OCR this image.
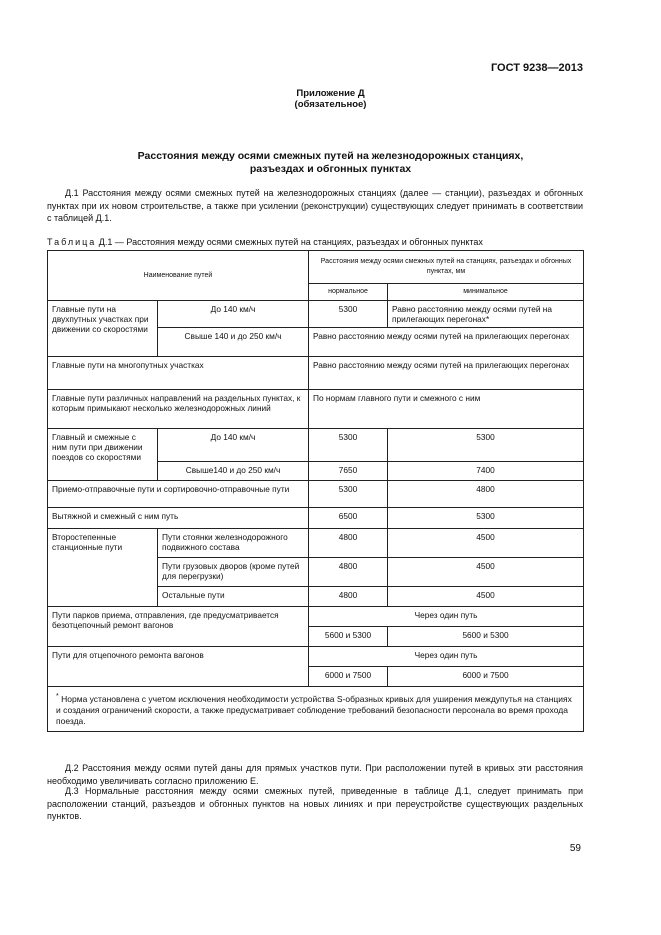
ГОСТ 9238—2013
Приложение Д
(обязательное)
Расстояния между осями смежных путей на железнодорожных станциях,
разъездах и обгонных пунктах

Д.1 Расстояния между осями смежных путей на железнодорожных станциях (далее — станции), разъездах и обгонных пунктах при их новом строительстве, а также при усилении (реконструкции) существующих следует принимать в соответствии с таблицей Д.1.

Таблица Д.1 — Расстояния между осями смежных путей на станциях, разъездах и обгонных пунктах
Наименование путей		Расстояния между осями смежных путей на станциях, разъездах и обгонных пунктах, мм	
		нормальное	минимальное
Главные пути на двухпутных участках при движении со скоростями	До 140 км/ч	5300	Равно расстоянию между осями путей на прилегающих перегонах*
	Свыше 140 и до 250 км/ч	Равно расстоянию между осями путей на прилегающих перегонах	
Главные пути на многопутных участках		Равно расстоянию между осями путей на прилегающих перегонах	
Главные пути различных направлений на раздельных пунктах, к которым примыкают несколько железнодорожных линий		По нормам главного пути и смежного с ним	
Главный и смежные с ним пути при движении поездов со скоростями	До 140 км/ч	5300	5300
	Свыше140 и до 250 км/ч	7650	7400
Приемо-отправочные пути и сортировочно-отправочные пути		5300	4800
Вытяжной и смежный с ним путь		6500	5300
Второстепенные станционные пути	Пути стоянки железнодорожного подвижного состава	4800	4500
	Пути грузовых дворов (кроме путей для перегрузки)	4800	4500
	Остальные пути	4800	4500
Пути парков приема, отправления, где предусматривается безотцепочный ремонт вагонов		Через один путь	
		5600 и 5300	5600 и 5300
Пути для отцепочного ремонта вагонов		Через один путь	
		6000 и 7500	6000 и 7500

* Норма установлена с учетом исключения необходимости устройства S-образных кривых для уширения междупутья на станциях и создания ограничений скорости, а также предусматривает соблюдение требований безопасности персонала во время прохода поезда.			

Д.2 Расстояния между осями путей даны для прямых участков пути. При расположении путей в кривых эти расстояния необходимо увеличивать согласно приложению Е.

Д.3 Нормальные расстояния между осями смежных путей, приведенные в таблице Д.1, следует принимать при расположении станций, разъездов и обгонных пунктов на новых линиях и при переустройстве существующих раздельных пунктов.

59
